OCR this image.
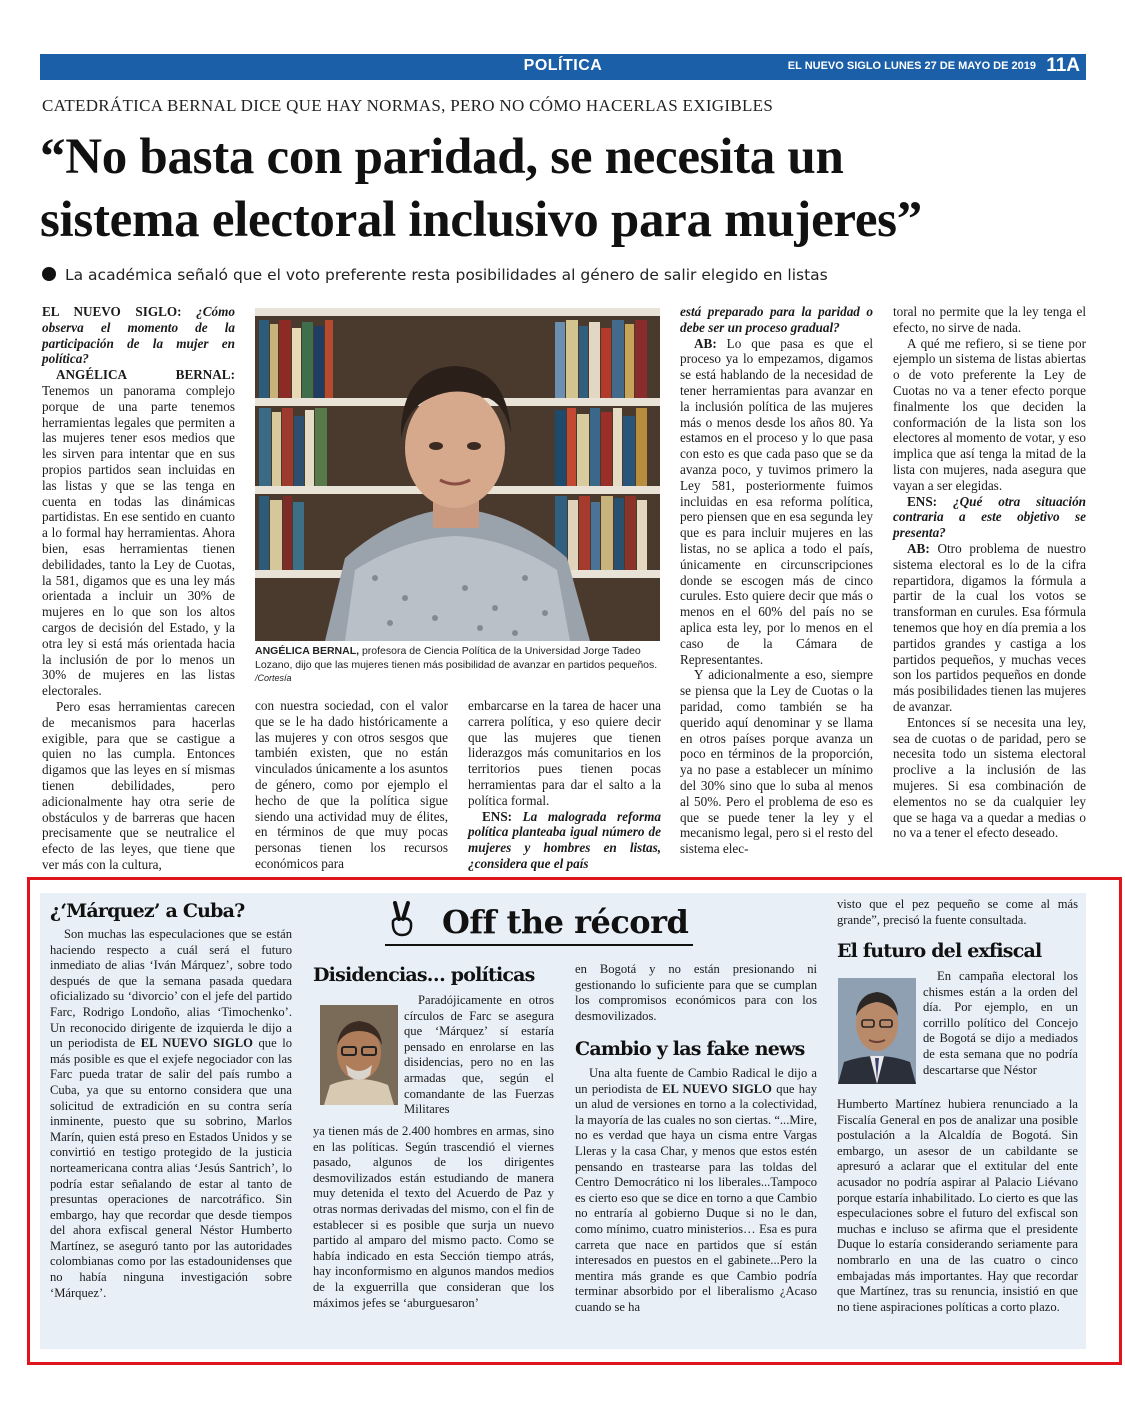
POLÍTICA	EL NUEVO SIGLO LUNES 27 DE MAYO DE 2019 11A
CATEDRÁTICA BERNAL DICE QUE HAY NORMAS, PERO NO CÓMO HACERLAS EXIGIBLES
“No basta con paridad, se necesita un
sistema electoral inclusivo para mujeres”
La académica señaló que el voto preferente resta posibilidades al género de salir elegido en listas

EL NUEVO SIGLO: ¿Cómo observa el momento de la participación de la mujer en política?

ANGÉLICA BERNAL: Tenemos un panorama complejo porque de una parte tenemos herramientas legales que permiten a las mujeres tener esos medios que les sirven para intentar que en sus propios partidos sean incluidas en las listas y que se las tenga en cuenta en todas las dinámicas partidistas. En ese sentido en cuanto a lo formal hay herramientas. Ahora bien, esas herramientas tienen debilidades, tanto la Ley de Cuotas, la 581, digamos que es una ley más orientada a incluir un 30% de mujeres en lo que son los altos cargos de decisión del Estado, y la otra ley si está más orientada hacia la inclusión de por lo menos un 30% de mujeres en las listas electorales.

Pero esas herramientas carecen de mecanismos para hacerlas exigible, para que se castigue a quien no las cumpla. Entonces digamos que las leyes en sí mismas tienen debilidades, pero adicionalmente hay otra serie de obstáculos y de barreras que hacen precisamente que se neutralice el efecto de las leyes, que tiene que ver más con la cultura,

ANGÉLICA BERNAL, profesora de Ciencia Política de la Universidad Jorge Tadeo Lozano, dijo que las mujeres tienen más posibilidad de avanzar en partidos pequeños. /Cortesía

con nuestra sociedad, con el valor que se le ha dado históricamente a las mujeres y con otros sesgos que también existen, que no están vinculados únicamente a los asuntos de género, como por ejemplo el hecho de que la política sigue siendo una actividad muy de élites, en términos de que muy pocas personas tienen los recursos económicos para

embarcarse en la tarea de hacer una carrera política, y eso quiere decir que las mujeres que tienen liderazgos más comunitarios en los territorios pues tienen pocas herramientas para dar el salto a la política formal.

ENS: La malograda reforma política planteaba igual número de mujeres y hombres en listas, ¿considera que el país

está preparado para la paridad o debe ser un proceso gradual?

AB: Lo que pasa es que el proceso ya lo empezamos, digamos se está hablando de la necesidad de tener herramientas para avanzar en la inclusión política de las mujeres más o menos desde los años 80. Ya estamos en el proceso y lo que pasa con esto es que cada paso que se da avanza poco, y tuvimos primero la Ley 581, posteriormente fuimos incluidas en esa reforma política, pero piensen que en esa segunda ley que es para incluir mujeres en las listas, no se aplica a todo el país, únicamente en circunscripciones donde se escogen más de cinco curules. Esto quiere decir que más o menos en el 60% del país no se aplica esta ley, por lo menos en el caso de la Cámara de Representantes.

Y adicionalmente a eso, siempre se piensa que la Ley de Cuotas o la paridad, como también se ha querido aquí denominar y se llama en otros países porque avanza un poco en términos de la proporción, ya no pase a establecer un mínimo del 30% sino que lo suba al menos al 50%. Pero el problema de eso es que se puede tener la ley y el mecanismo legal, pero si el resto del sistema elec-

toral no permite que la ley tenga el efecto, no sirve de nada.

A qué me refiero, si se tiene por ejemplo un sistema de listas abiertas o de voto preferente la Ley de Cuotas no va a tener efecto porque finalmente los que deciden la conformación de la lista son los electores al momento de votar, y eso implica que así tenga la mitad de la lista con mujeres, nada asegura que vayan a ser elegidas.

ENS: ¿Qué otra situación contraria a este objetivo se presenta?

AB: Otro problema de nuestro sistema electoral es lo de la cifra repartidora, digamos la fórmula a partir de la cual los votos se transforman en curules. Esa fórmula tenemos que hoy en día premia a los partidos grandes y castiga a los partidos pequeños, y muchas veces son los partidos pequeños en donde más posibilidades tienen las mujeres de avanzar.

Entonces sí se necesita una ley, sea de cuotas o de paridad, pero se necesita todo un sistema electoral proclive a la inclusión de las mujeres. Si esa combinación de elementos no se da cualquier ley que se haga va a quedar a medias o no va a tener el efecto deseado.

Off the récord
¿‘Márquez’ a Cuba?

Son muchas las especulaciones que se están haciendo respecto a cuál será el futuro inmediato de alias ‘Iván Márquez’, sobre todo después de que la semana pasada quedara oficializado su ‘divorcio’ con el jefe del partido Farc, Rodrigo Londoño, alias ‘Timochenko’. Un reconocido dirigente de izquierda le dijo a un periodista de EL NUEVO SIGLO que lo más posible es que el exjefe negociador con las Farc pueda tratar de salir del país rumbo a Cuba, ya que su entorno considera que una solicitud de extradición en su contra sería inminente, puesto que su sobrino, Marlos Marín, quien está preso en Estados Unidos y se convirtió en testigo protegido de la justicia norteamericana contra alias ‘Jesús Santrich’, lo podría estar señalando de estar al tanto de presuntas operaciones de narcotráfico. Sin embargo, hay que recordar que desde tiempos del ahora exfiscal general Néstor Humberto Martínez, se aseguró tanto por las autoridades colombianas como por las estadounidenses que no había ninguna investigación sobre ‘Márquez’.

Disidencias… políticas

Paradójicamente en otros círculos de Farc se asegura que ‘Márquez’ sí estaría pensado en enrolarse en las disidencias, pero no en las armadas que, según el comandante de las Fuerzas Militares

ya tienen más de 2.400 hombres en armas, sino en las políticas. Según trascendió el viernes pasado, algunos de los dirigentes desmovilizados están estudiando de manera muy detenida el texto del Acuerdo de Paz y otras normas derivadas del mismo, con el fin de establecer si es posible que surja un nuevo partido al amparo del mismo pacto. Como se había indicado en esta Sección tiempo atrás, hay inconformismo en algunos mandos medios de la exguerrilla que consideran que los máximos jefes se ‘aburguesaron’

en Bogotá y no están presionando ni gestionando lo suficiente para que se cumplan los compromisos económicos para con los desmovilizados.

Cambio y las fake news

Una alta fuente de Cambio Radical le dijo a un periodista de EL NUEVO SIGLO que hay un alud de versiones en torno a la colectividad, la mayoría de las cuales no son ciertas. “...Mire, no es verdad que haya un cisma entre Vargas Lleras y la casa Char, y menos que estos estén pensando en trastearse para las toldas del Centro Democrático ni los liberales...Tampoco es cierto eso que se dice en torno a que Cambio no entraría al gobierno Duque si no le dan, como mínimo, cuatro ministerios… Esa es pura carreta que nace en partidos que sí están interesados en puestos en el gabinete...Pero la mentira más grande es que Cambio podría terminar absorbido por el liberalismo ¿Acaso cuando se ha

visto que el pez pequeño se come al más grande”, precisó la fuente consultada.

El futuro del exfiscal

En campaña electoral los chismes están a la orden del día. Por ejemplo, en un corrillo político del Concejo de Bogotá se dijo a mediados de esta semana que no podría descartarse que Néstor

Humberto Martínez hubiera renunciado a la Fiscalía General en pos de analizar una posible postulación a la Alcaldía de Bogotá. Sin embargo, un asesor de un cabildante se apresuró a aclarar que el extitular del ente acusador no podría aspirar al Palacio Liévano porque estaría inhabilitado. Lo cierto es que las especulaciones sobre el futuro del exfiscal son muchas e incluso se afirma que el presidente Duque lo estaría considerando seriamente para nombrarlo en una de las cuatro o cinco embajadas más importantes. Hay que recordar que Martínez, tras su renuncia, insistió en que no tiene aspiraciones políticas a corto plazo.
